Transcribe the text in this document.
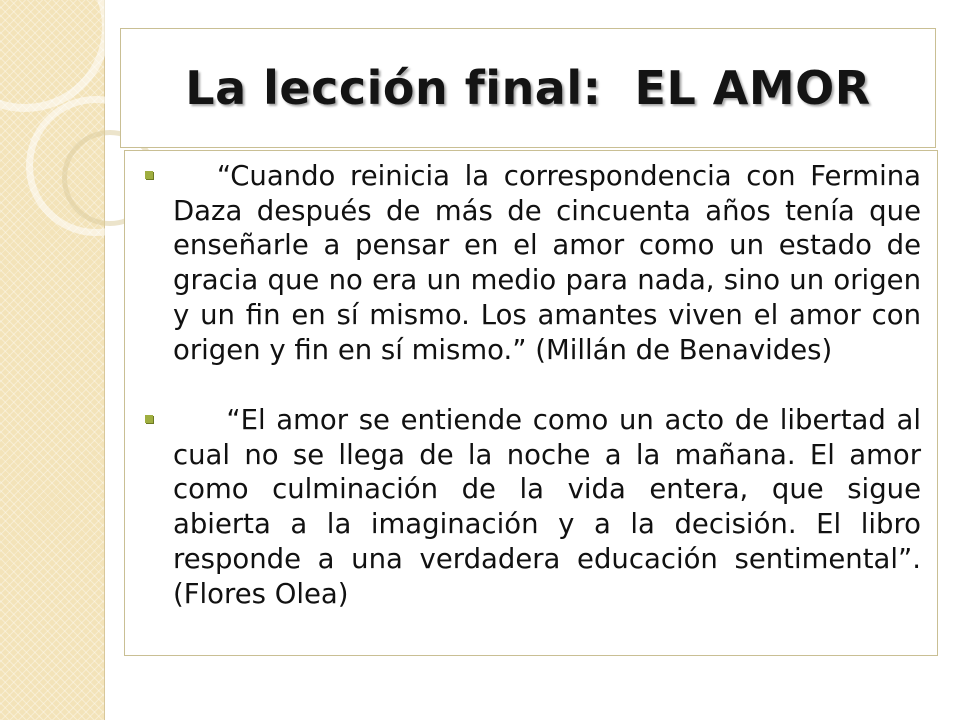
La lección final:  EL AMOR

“Cuando reinicia la correspondencia con Fermina Daza después de más de cincuenta años tenía que enseñarle a pensar en el amor como un estado de gracia que no era un medio para nada, sino un origen y un fin en sí mismo. Los amantes viven el amor con origen y fin en sí mismo.” (Millán de Benavides)

“El amor se entiende como un acto de libertad al cual no se llega de la noche a la mañana. El amor como culminación de la vida entera, que sigue abierta a la imaginación y a la decisión. El libro responde a una verdadera educación sentimental”. (Flores Olea)
